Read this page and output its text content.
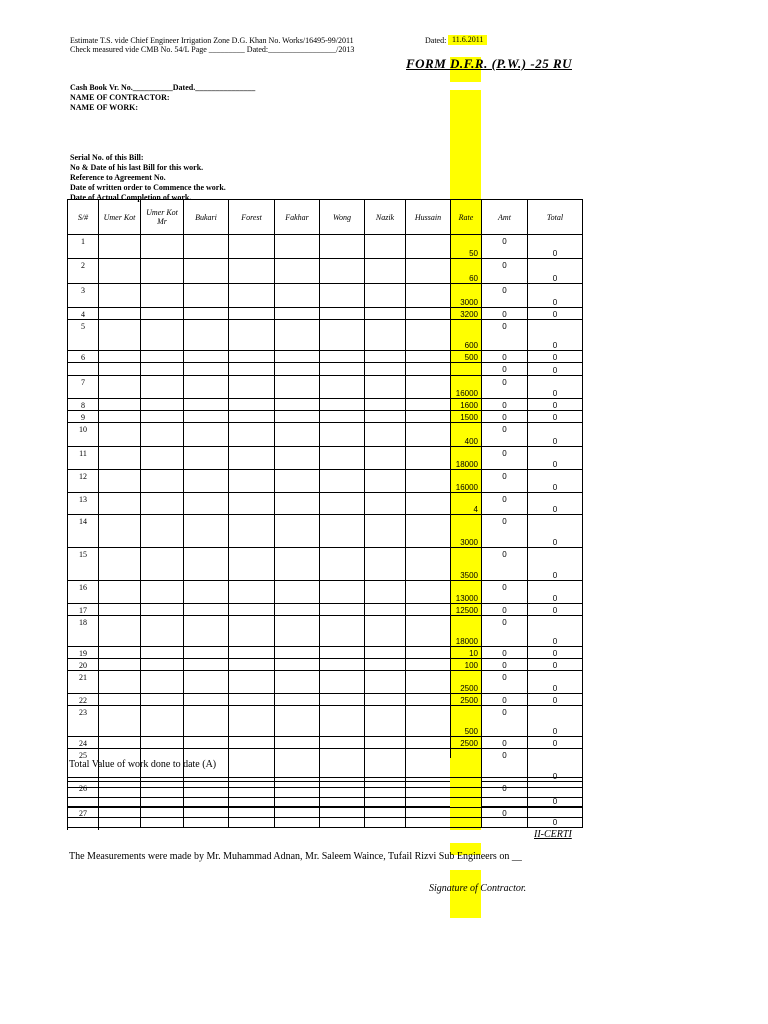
Estimate T.S. vide Chief Engineer Irrigation Zone D.G. Khan No. Works/16495-99/2011	Dated: 11.6.2011
Check measured vide CMB No. 54/L Page _________ Dated:_________________/2013
FORM D.F.R. (P.W.) -25 RU
Cash Book Vr. No.__________Dated._______________
NAME OF CONTRACTOR:
NAME OF WORK:
Serial No. of this Bill:
No & Date of his last Bill for this work.
Reference to Agreement No.
Date of written order to Commence the work.
Date of Actual Completion of work.
S/#	Umer Kot	Umer Kot Mr	Bukari	Forest	Fakhar	Wong	Nazik	Hussain	Rate	Amt	Total
1									50	0	0
2									60	0	0
3									3000	0	0
4									3200	0	0
5									600	0	0
6									500	0	0
										0	0
7									16000	0	0
8									1600	0	0
9									1500	0	0
10									400	0	0
11									18000	0	0
12									16000	0	0
13									4	0	0
14									3000	0	0
15									3500	0	0
16									13000	0	0
17									12500	0	0
18									18000	0	0
19									10	0	0
20									100	0	0
21									2500	0	0
22									2500	0	0
23									500	0	0
24									2500	0	0
25										0	0
26										0	0
27										0	0
Total Value of work done to date (A)
II-CERTI
The Measurements were made by Mr. Muhammad Adnan, Mr. Saleem Waince, Tufail Rizvi Sub Engineers on __
Signature of Contractor.
